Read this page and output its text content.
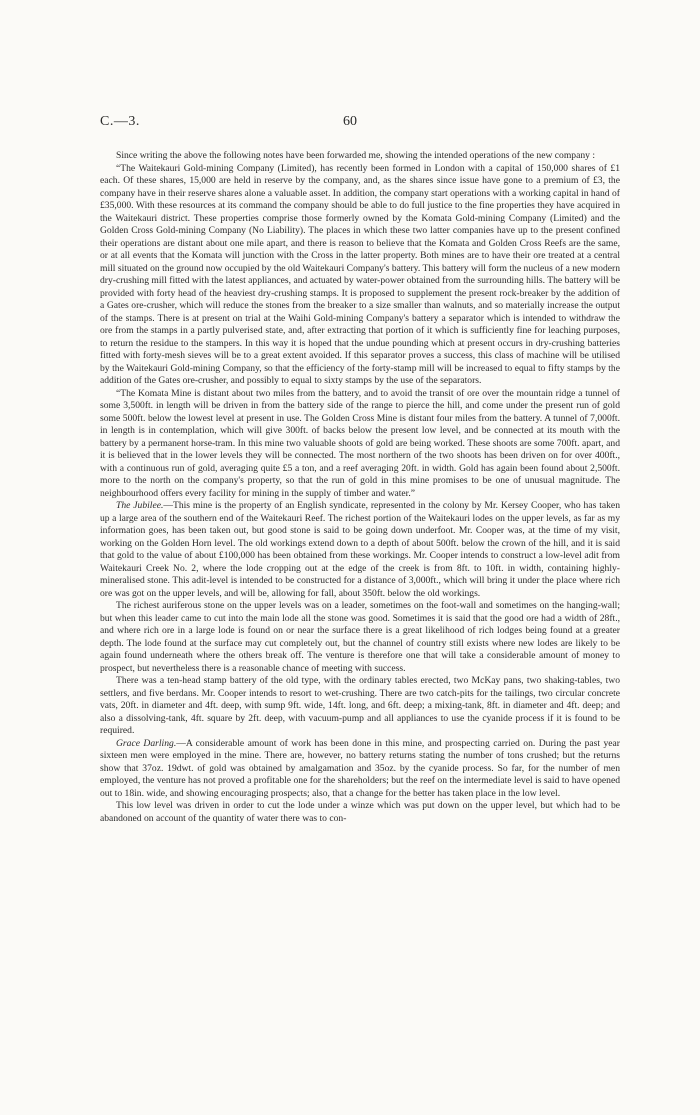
C.—3.	60

Since writing the above the following notes have been forwarded me, showing the intended operations of the new company :

“The Waitekauri Gold-mining Company (Limited), has recently been formed in London with a capital of 150,000 shares of £1 each. Of these shares, 15,000 are held in reserve by the company, and, as the shares since issue have gone to a premium of £3, the company have in their reserve shares alone a valuable asset. In addition, the company start operations with a working capital in hand of £35,000. With these resources at its command the company should be able to do full justice to the fine properties they have acquired in the Waitekauri district. These properties comprise those formerly owned by the Komata Gold-mining Company (Limited) and the Golden Cross Gold-mining Company (No Liability). The places in which these two latter companies have up to the present confined their operations are distant about one mile apart, and there is reason to believe that the Komata and Golden Cross Reefs are the same, or at all events that the Komata will junction with the Cross in the latter property. Both mines are to have their ore treated at a central mill situated on the ground now occupied by the old Waitekauri Company's battery. This battery will form the nucleus of a new modern dry-crushing mill fitted with the latest appliances, and actuated by water-power obtained from the surrounding hills. The battery will be provided with forty head of the heaviest dry-crushing stamps. It is proposed to supplement the present rock-breaker by the addition of a Gates ore-crusher, which will reduce the stones from the breaker to a size smaller than walnuts, and so materially increase the output of the stamps. There is at present on trial at the Waihi Gold-mining Company's battery a separator which is intended to withdraw the ore from the stamps in a partly pulverised state, and, after extracting that portion of it which is sufficiently fine for leaching purposes, to return the residue to the stampers. In this way it is hoped that the undue pounding which at present occurs in dry-crushing batteries fitted with forty-mesh sieves will be to a great extent avoided. If this separator proves a success, this class of machine will be utilised by the Waitekauri Gold-mining Company, so that the efficiency of the forty-stamp mill will be increased to equal to fifty stamps by the addition of the Gates ore-crusher, and possibly to equal to sixty stamps by the use of the separators.

“The Komata Mine is distant about two miles from the battery, and to avoid the transit of ore over the mountain ridge a tunnel of some 3,500ft. in length will be driven in from the battery side of the range to pierce the hill, and come under the present run of gold some 500ft. below the lowest level at present in use. The Golden Cross Mine is distant four miles from the battery. A tunnel of 7,000ft. in length is in contemplation, which will give 300ft. of backs below the present low level, and be connected at its mouth with the battery by a permanent horse-tram. In this mine two valuable shoots of gold are being worked. These shoots are some 700ft. apart, and it is believed that in the lower levels they will be connected. The most northern of the two shoots has been driven on for over 400ft., with a continuous run of gold, averaging quite £5 a ton, and a reef averaging 20ft. in width. Gold has again been found about 2,500ft. more to the north on the company's property, so that the run of gold in this mine promises to be one of unusual magnitude. The neighbourhood offers every facility for mining in the supply of timber and water.”

The Jubilee.—This mine is the property of an English syndicate, represented in the colony by Mr. Kersey Cooper, who has taken up a large area of the southern end of the Waitekauri Reef. The richest portion of the Waitekauri lodes on the upper levels, as far as my information goes, has been taken out, but good stone is said to be going down underfoot. Mr. Cooper was, at the time of my visit, working on the Golden Horn level. The old workings extend down to a depth of about 500ft. below the crown of the hill, and it is said that gold to the value of about £100,000 has been obtained from these workings. Mr. Cooper intends to construct a low-level adit from Waitekauri Creek No. 2, where the lode cropping out at the edge of the creek is from 8ft. to 10ft. in width, containing highly-mineralised stone. This adit-level is intended to be constructed for a distance of 3,000ft., which will bring it under the place where rich ore was got on the upper levels, and will be, allowing for fall, about 350ft. below the old workings.

The richest auriferous stone on the upper levels was on a leader, sometimes on the foot-wall and sometimes on the hanging-wall; but when this leader came to cut into the main lode all the stone was good. Sometimes it is said that the good ore had a width of 28ft., and where rich ore in a large lode is found on or near the surface there is a great likelihood of rich lodges being found at a greater depth. The lode found at the surface may cut completely out, but the channel of country still exists where new lodes are likely to be again found underneath where the others break off. The venture is therefore one that will take a considerable amount of money to prospect, but nevertheless there is a reasonable chance of meeting with success.

There was a ten-head stamp battery of the old type, with the ordinary tables erected, two McKay pans, two shaking-tables, two settlers, and five berdans. Mr. Cooper intends to resort to wet-crushing. There are two catch-pits for the tailings, two circular concrete vats, 20ft. in diameter and 4ft. deep, with sump 9ft. wide, 14ft. long, and 6ft. deep; a mixing-tank, 8ft. in diameter and 4ft. deep; and also a dissolving-tank, 4ft. square by 2ft. deep, with vacuum-pump and all appliances to use the cyanide process if it is found to be required.

Grace Darling.—A considerable amount of work has been done in this mine, and prospecting carried on. During the past year sixteen men were employed in the mine. There are, however, no battery returns stating the number of tons crushed; but the returns show that 37oz. 19dwt. of gold was obtained by amalgamation and 35oz. by the cyanide process. So far, for the number of men employed, the venture has not proved a profitable one for the shareholders; but the reef on the intermediate level is said to have opened out to 18in. wide, and showing encouraging prospects; also, that a change for the better has taken place in the low level.

This low level was driven in order to cut the lode under a winze which was put down on the upper level, but which had to be abandoned on account of the quantity of water there was to con-
